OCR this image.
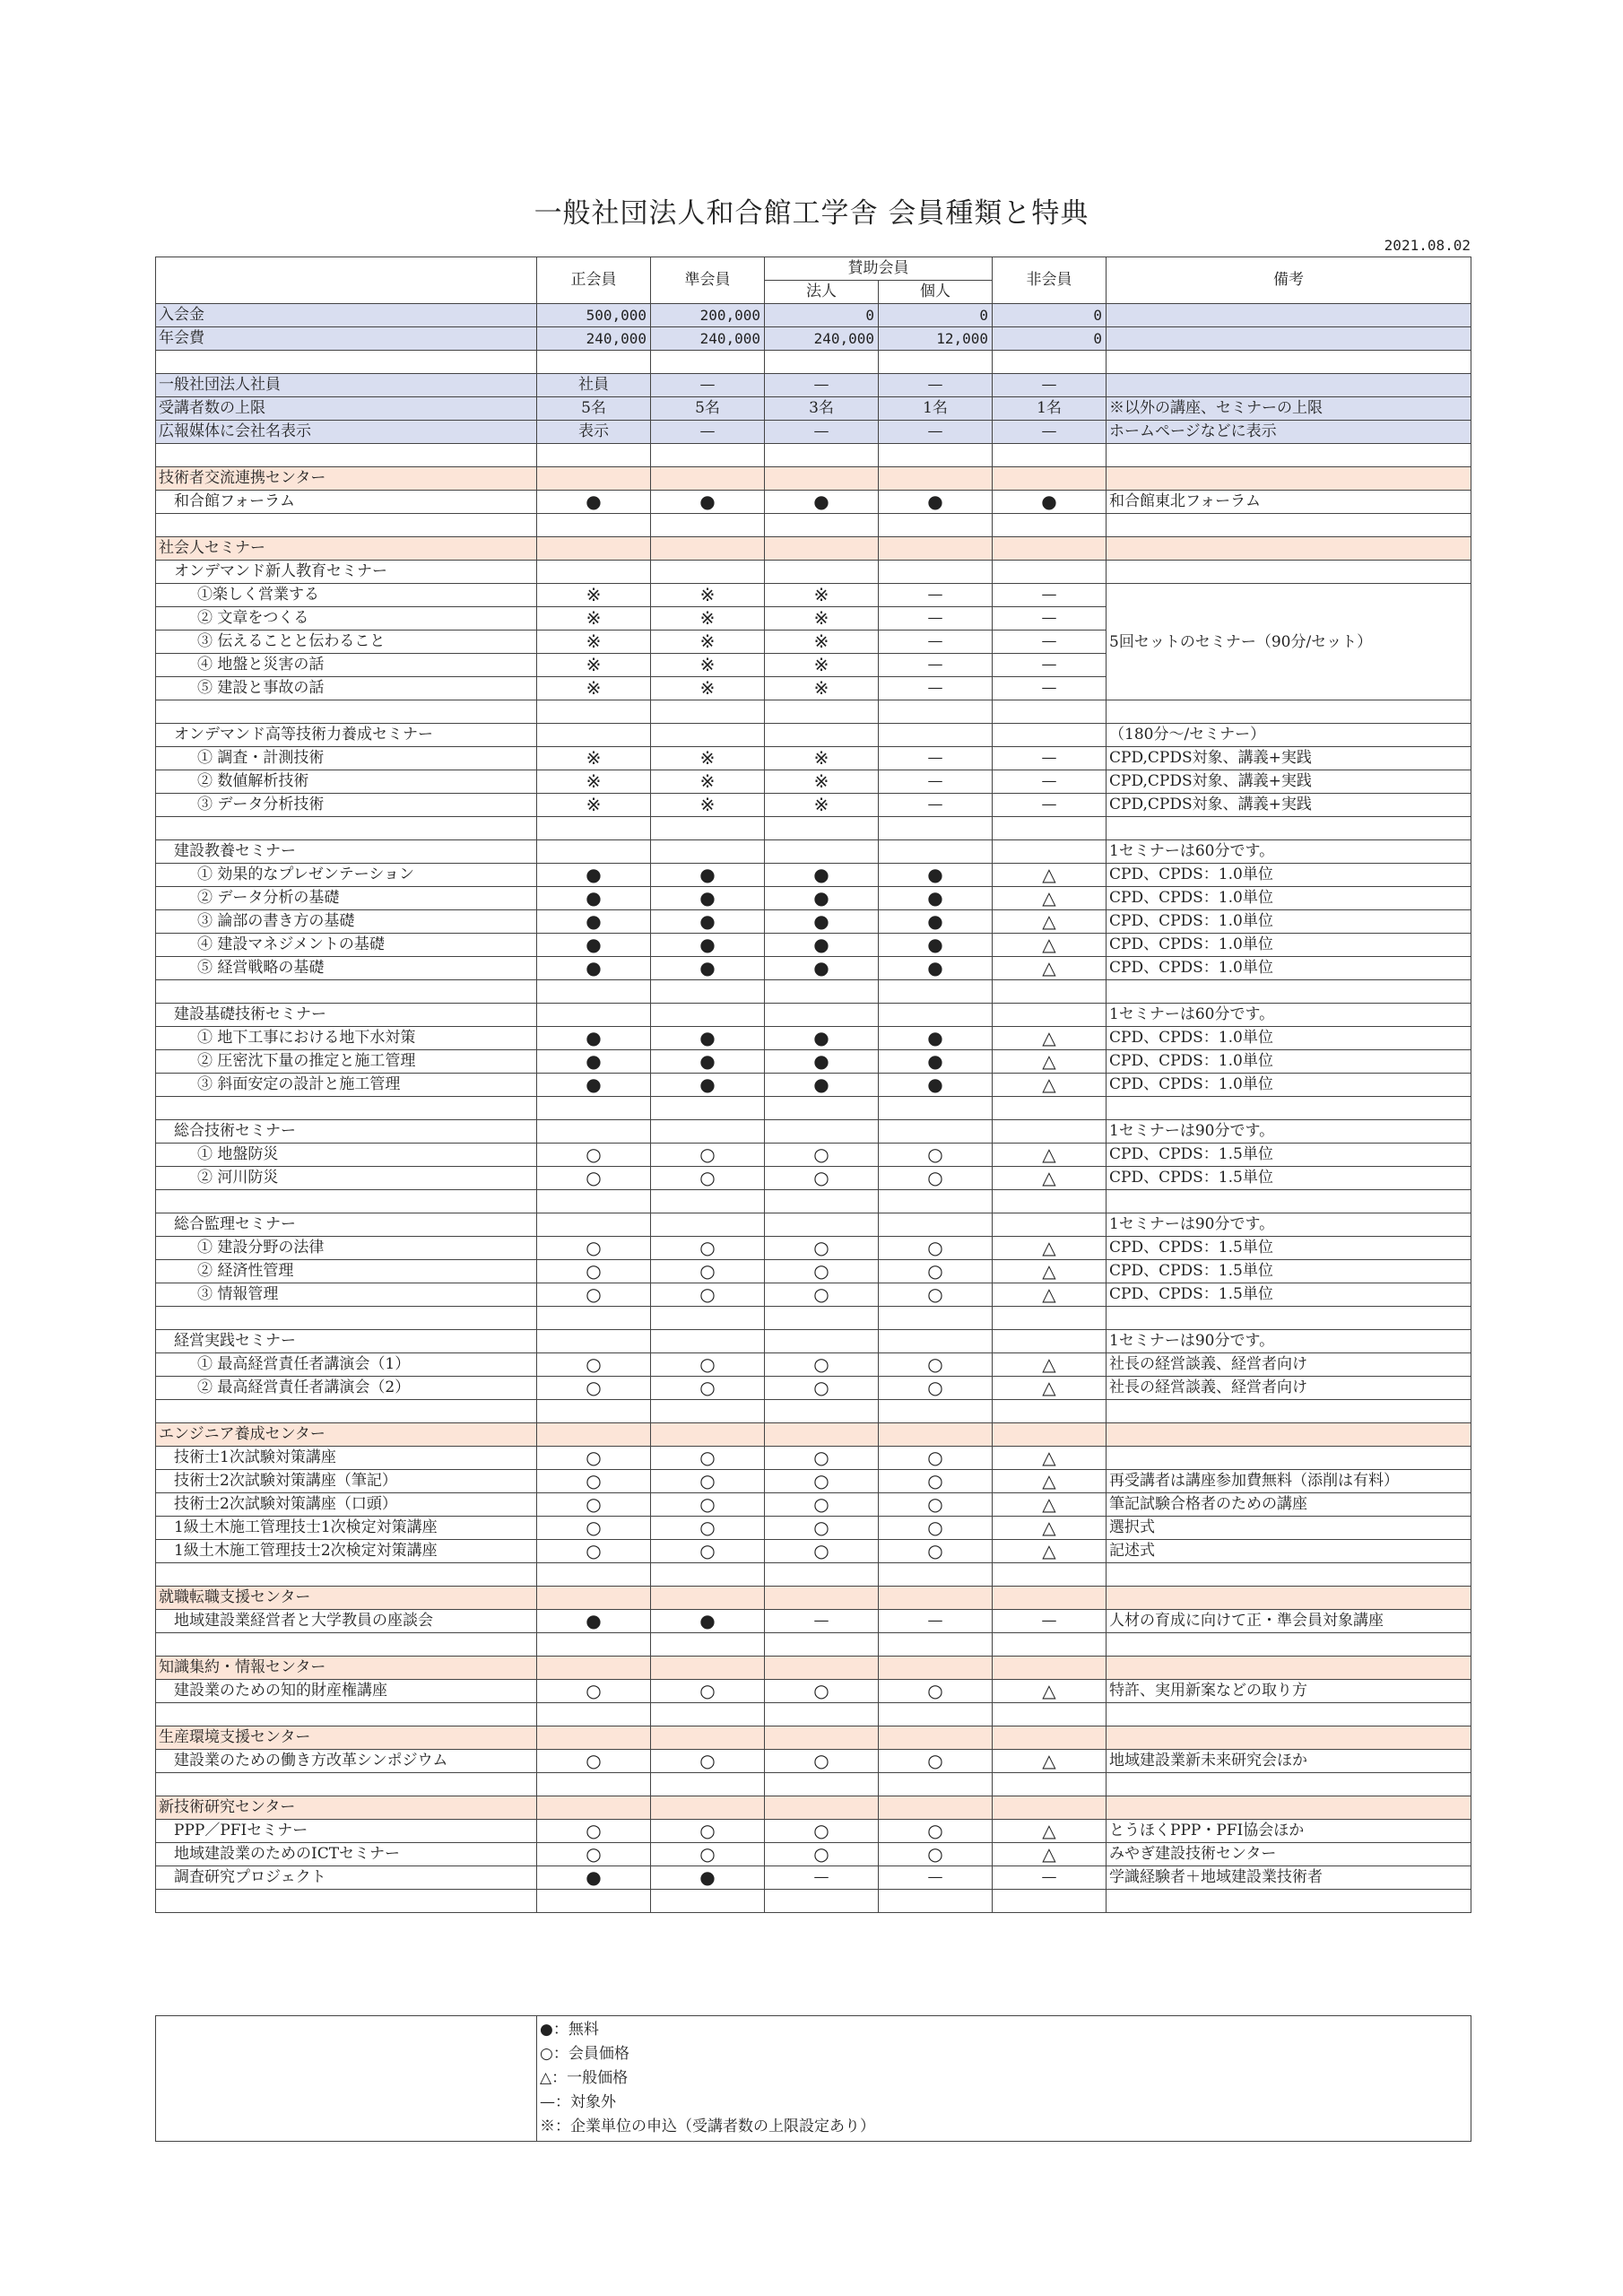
一般社団法人和合館工学舎 会員種類と特典
2021.08.02
	正会員	準会員	賛助会員		非会員	備考
			法人	個人		
入会金	500,000	200,000	0	0	0	
年会費	240,000	240,000	240,000	12,000	0	

一般社団法人社員	社員	—	—	—	—	
受講者数の上限	5名	5名	3名	1名	1名	※以外の講座、セミナーの上限
広報媒体に会社名表示	表示	—	—	—	—	ホームページなどに表示

技術者交流連携センター						
和合館フォーラム	●	●	●	●	●	和合館東北フォーラム

社会人セミナー						
オンデマンド新人教育セミナー						
①楽しく営業する	※	※	※	—	—	5回セットのセミナー（90分/セット）
② 文章をつくる	※	※	※	—	—	
③ 伝えることと伝わること	※	※	※	—	—	
④ 地盤と災害の話	※	※	※	—	—	
⑤ 建設と事故の話	※	※	※	—	—	

オンデマンド高等技術力養成セミナー						（180分～/セミナー）
① 調査・計測技術	※	※	※	—	—	CPD,CPDS対象、講義+実践
② 数値解析技術	※	※	※	—	—	CPD,CPDS対象、講義+実践
③ データ分析技術	※	※	※	—	—	CPD,CPDS対象、講義+実践

建設教養セミナー						1セミナーは60分です。
① 効果的なプレゼンテーション	●	●	●	●	△	CPD、CPDS：1.0単位
② データ分析の基礎	●	●	●	●	△	CPD、CPDS：1.0単位
③ 論部の書き方の基礎	●	●	●	●	△	CPD、CPDS：1.0単位
④ 建設マネジメントの基礎	●	●	●	●	△	CPD、CPDS：1.0単位
⑤ 経営戦略の基礎	●	●	●	●	△	CPD、CPDS：1.0単位

建設基礎技術セミナー						1セミナーは60分です。
① 地下工事における地下水対策	●	●	●	●	△	CPD、CPDS：1.0単位
② 圧密沈下量の推定と施工管理	●	●	●	●	△	CPD、CPDS：1.0単位
③ 斜面安定の設計と施工管理	●	●	●	●	△	CPD、CPDS：1.0単位

総合技術セミナー						1セミナーは90分です。
① 地盤防災	○	○	○	○	△	CPD、CPDS：1.5単位
② 河川防災	○	○	○	○	△	CPD、CPDS：1.5単位

総合監理セミナー						1セミナーは90分です。
① 建設分野の法律	○	○	○	○	△	CPD、CPDS：1.5単位
② 経済性管理	○	○	○	○	△	CPD、CPDS：1.5単位
③ 情報管理	○	○	○	○	△	CPD、CPDS：1.5単位

経営実践セミナー						1セミナーは90分です。
① 最高経営責任者講演会（1）	○	○	○	○	△	社長の経営談義、経営者向け
② 最高経営責任者講演会（2）	○	○	○	○	△	社長の経営談義、経営者向け

エンジニア養成センター						
技術士1次試験対策講座	○	○	○	○	△	
技術士2次試験対策講座（筆記）	○	○	○	○	△	再受講者は講座参加費無料（添削は有料）
技術士2次試験対策講座（口頭）	○	○	○	○	△	筆記試験合格者のための講座
1級土木施工管理技士1次検定対策講座	○	○	○	○	△	選択式
1級土木施工管理技士2次検定対策講座	○	○	○	○	△	記述式

就職転職支援センター						
地域建設業経営者と大学教員の座談会	●	●	—	—	—	人材の育成に向けて正・準会員対象講座

知識集約・情報センター						
建設業のための知的財産権講座	○	○	○	○	△	特許、実用新案などの取り方

生産環境支援センター						
建設業のための働き方改革シンポジウム	○	○	○	○	△	地域建設業新未来研究会ほか

新技術研究センター						
PPP／PFIセミナー	○	○	○	○	△	とうほくPPP・PFI協会ほか
地域建設業のためのICTセミナー	○	○	○	○	△	みやぎ建設技術センター
調査研究プロジェクト	●	●	—	—	—	学識経験者＋地域建設業技術者

●：無料
○：会員価格
△：一般価格
—：対象外
※：企業単位の申込（受講者数の上限設定あり）
